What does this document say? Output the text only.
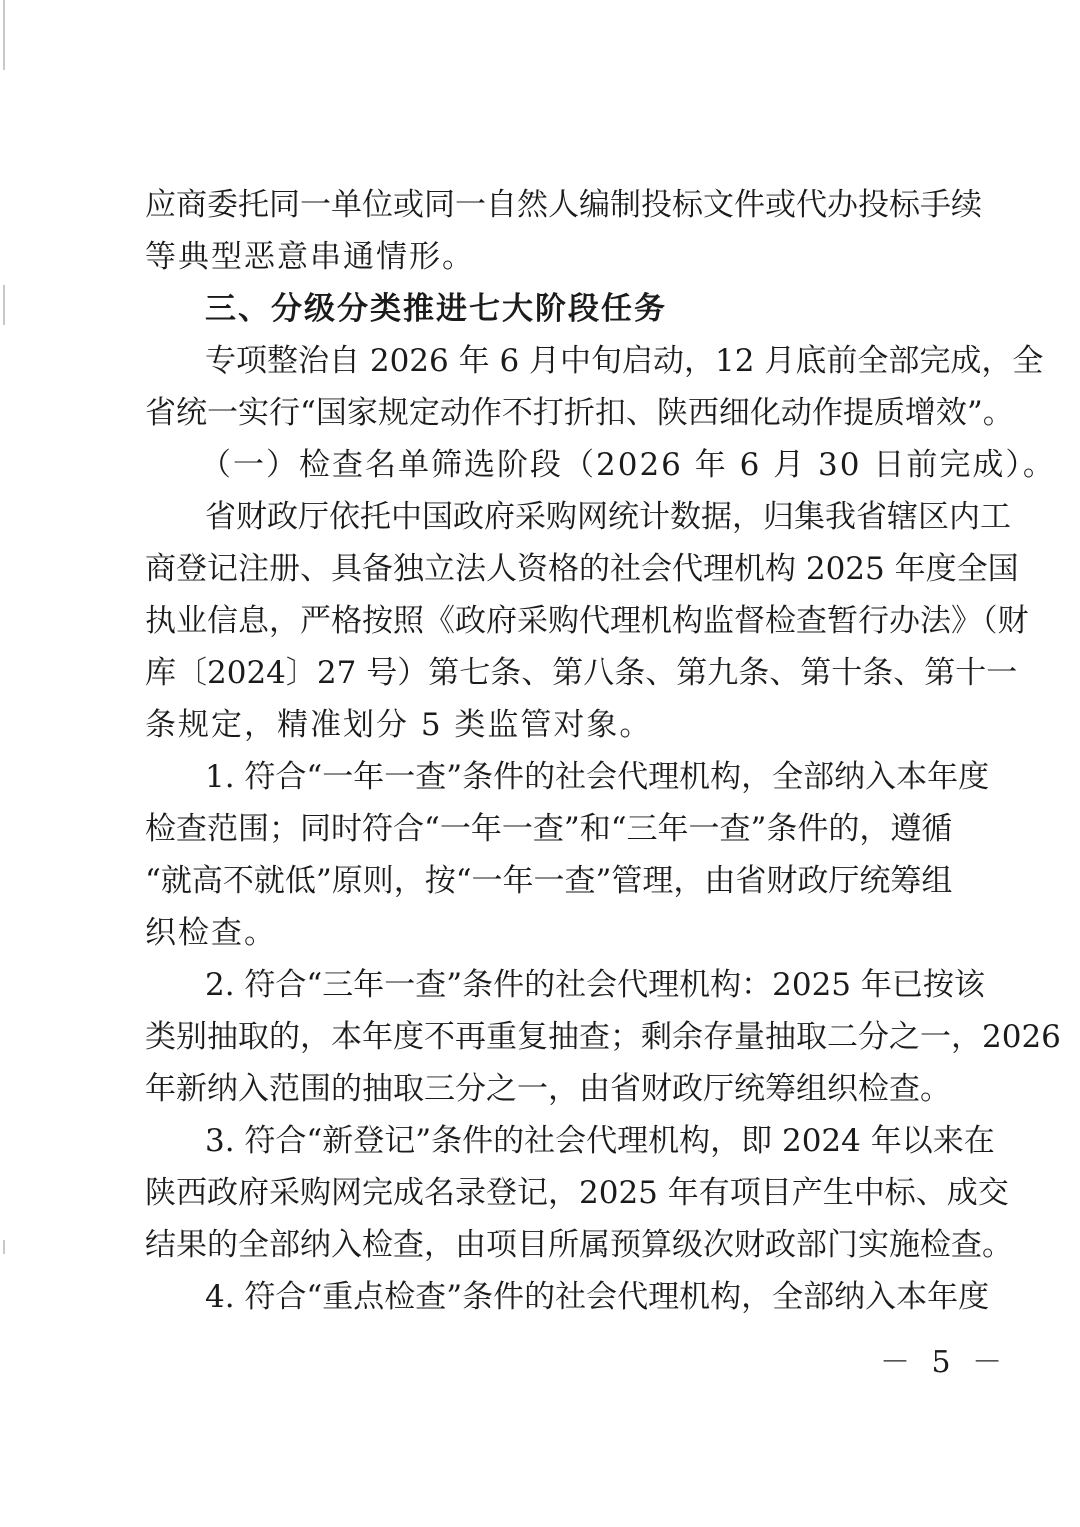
应商委托同一单位或同一自然人编制投标文件或代办投标手续
等典型恶意串通情形。
三、分级分类推进七大阶段任务
专项整治自 2026 年 6 月中旬启动，12 月底前全部完成，全
省统一实行“国家规定动作不打折扣、陕西细化动作提质增效”。
（一）检查名单筛选阶段（2026 年 6 月 30 日前完成）。
省财政厅依托中国政府采购网统计数据，归集我省辖区内工
商登记注册、具备独立法人资格的社会代理机构 2025 年度全国
执业信息，严格按照《政府采购代理机构监督检查暂行办法》（财
库〔2024〕27 号）第七条、第八条、第九条、第十条、第十一
条规定，精准划分 5 类监管对象。
1. 符合“一年一查”条件的社会代理机构，全部纳入本年度
检查范围；同时符合“一年一查”和“三年一查”条件的，遵循
“就高不就低”原则，按“一年一查”管理，由省财政厅统筹组
织检查。
2. 符合“三年一查”条件的社会代理机构：2025 年已按该
类别抽取的，本年度不再重复抽查；剩余存量抽取二分之一，2026
年新纳入范围的抽取三分之一，由省财政厅统筹组织检查。
3. 符合“新登记”条件的社会代理机构，即 2024 年以来在
陕西政府采购网完成名录登记，2025 年有项目产生中标、成交
结果的全部纳入检查，由项目所属预算级次财政部门实施检查。
4. 符合“重点检查”条件的社会代理机构，全部纳入本年度
－ 5 －
